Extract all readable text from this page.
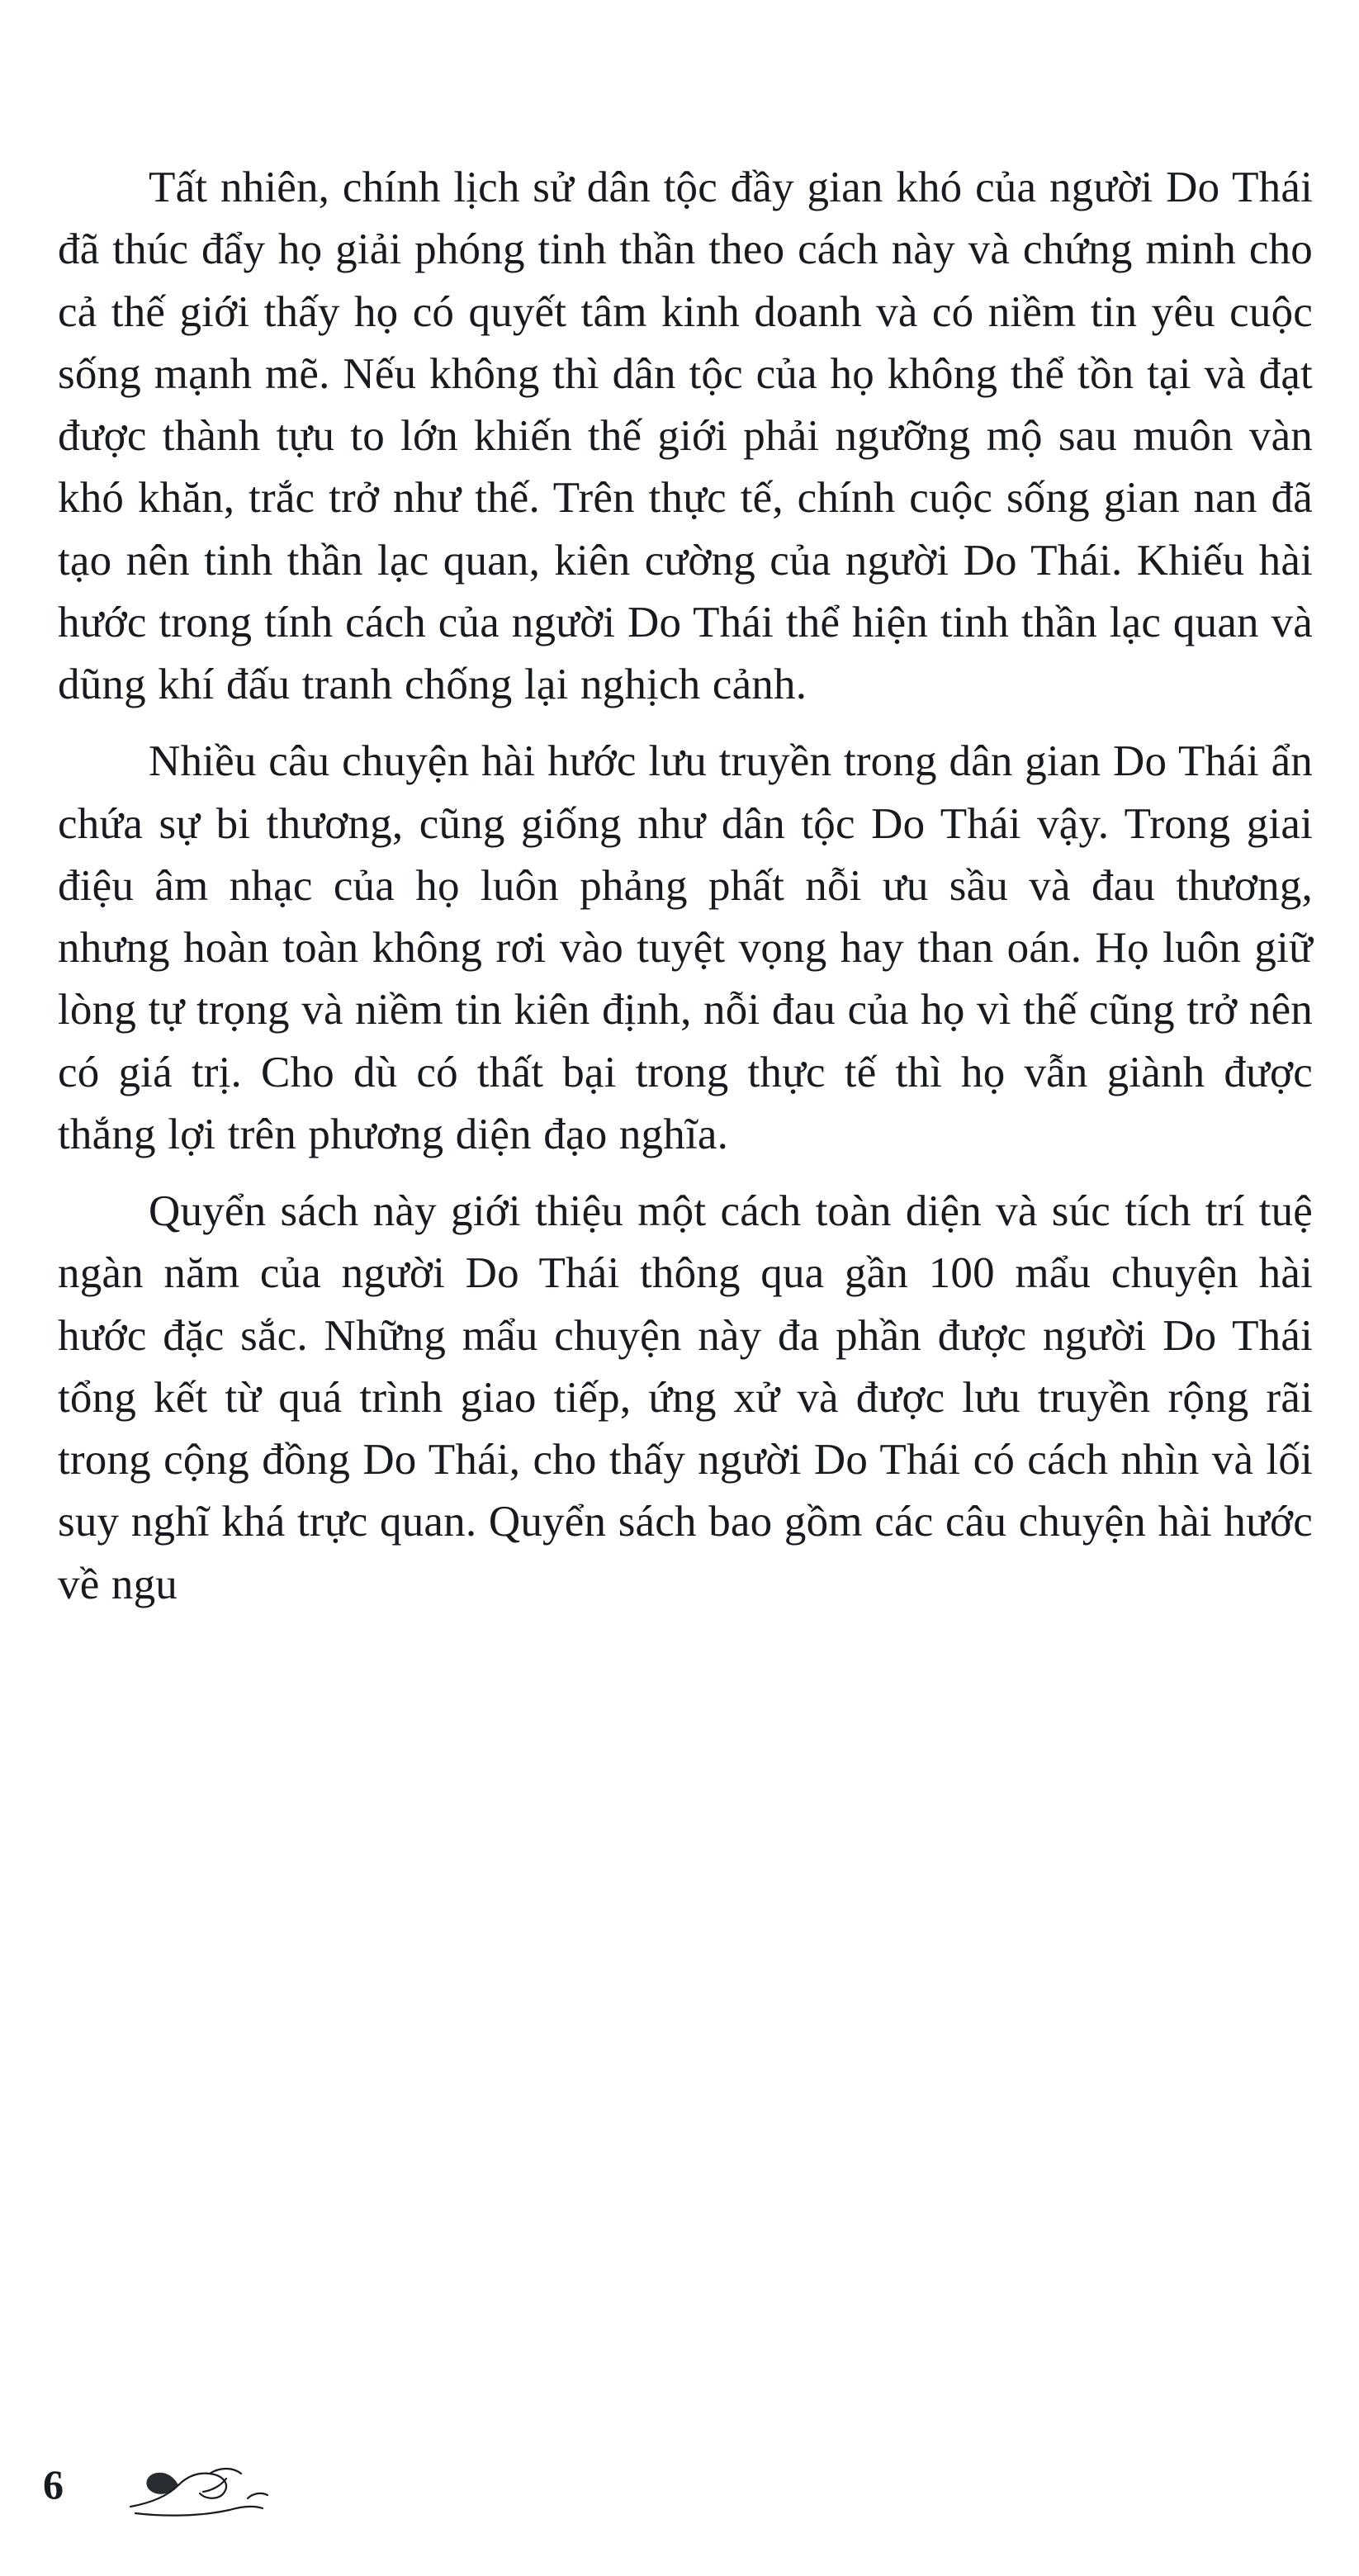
Tất nhiên, chính lịch sử dân tộc đầy gian khó của người Do Thái đã thúc đẩy họ giải phóng tinh thần theo cách này và chứng minh cho cả thế giới thấy họ có quyết tâm kinh doanh và có niềm tin yêu cuộc sống mạnh mẽ. Nếu không thì dân tộc của họ không thể tồn tại và đạt được thành tựu to lớn khiến thế giới phải ngưỡng mộ sau muôn vàn khó khăn, trắc trở như thế. Trên thực tế, chính cuộc sống gian nan đã tạo nên tinh thần lạc quan, kiên cường của người Do Thái. Khiếu hài hước trong tính cách của người Do Thái thể hiện tinh thần lạc quan và dũng khí đấu tranh chống lại nghịch cảnh.

Nhiều câu chuyện hài hước lưu truyền trong dân gian Do Thái ẩn chứa sự bi thương, cũng giống như dân tộc Do Thái vậy. Trong giai điệu âm nhạc của họ luôn phảng phất nỗi ưu sầu và đau thương, nhưng hoàn toàn không rơi vào tuyệt vọng hay than oán. Họ luôn giữ lòng tự trọng và niềm tin kiên định, nỗi đau của họ vì thế cũng trở nên có giá trị. Cho dù có thất bại trong thực tế thì họ vẫn giành được thắng lợi trên phương diện đạo nghĩa.

Quyển sách này giới thiệu một cách toàn diện và súc tích trí tuệ ngàn năm của người Do Thái thông qua gần 100 mẩu chuyện hài hước đặc sắc. Những mẩu chuyện này đa phần được người Do Thái tổng kết từ quá trình giao tiếp, ứng xử và được lưu truyền rộng rãi trong cộng đồng Do Thái, cho thấy người Do Thái có cách nhìn và lối suy nghĩ khá trực quan. Quyển sách bao gồm các câu chuyện hài hước về ngu

6
